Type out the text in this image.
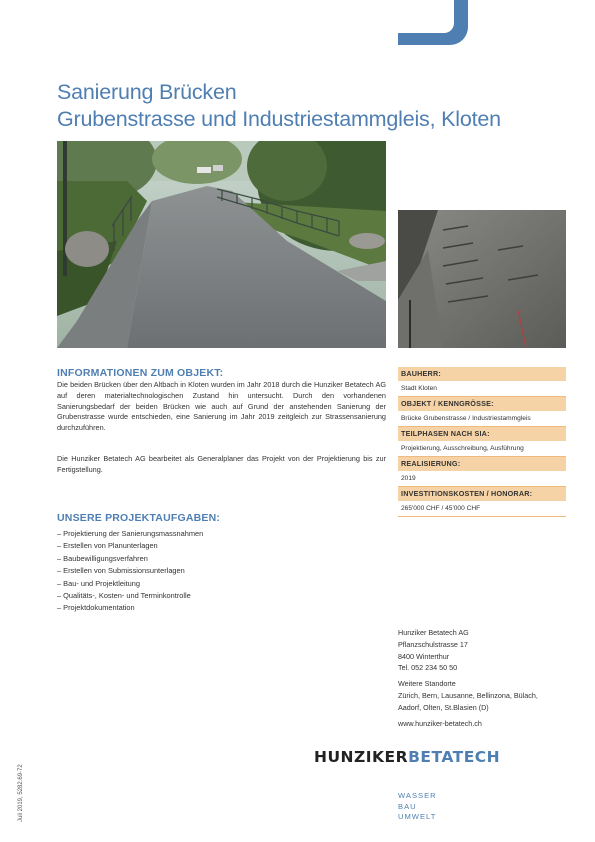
Sanierung Brücken
Grubenstrasse und Industriestammgleis, Kloten
INFORMATIONEN ZUM OBJEKT:

Die beiden Brücken über den Altbach in Kloten wurden im Jahr 2018 durch die Hunziker Betatech AG auf deren materialtechnologischen Zustand hin untersucht. Durch den vorhandenen Sanierungsbedarf der beiden Brücken wie auch auf Grund der anstehenden Sanierung der Grubenstrasse wurde entschieden, eine Sanierung im Jahr 2019 zeitgleich zur Strassensanierung durchzuführen.

Die Hunziker Betatech AG bearbeitet als Generalplaner das Projekt von der Projektierung bis zur Fertigstellung.

UNSERE PROJEKTAUFGABEN:
– Projektierung der Sanierungsmassnahmen
– Erstellen von Planunterlagen
– Baubewilligungsverfahren
– Erstellen von Submissionsunterlagen
– Bau- und Projektleitung
– Qualitäts-, Kosten- und Terminkontrolle
– Projektdokumentation
BAUHERR:
Stadt Kloten
OBJEKT / KENNGRÖSSE:
Brücke Grubenstrasse / Industriestammgleis
TEILPHASEN NACH SIA:
Projektierung, Ausschreibung, Ausführung
REALISIERUNG:
2019
INVESTITIONSKOSTEN / HONORAR:
265'000 CHF / 45'000 CHF
Hunziker Betatech AG
Pflanzschulstrasse 17
8400 Winterthur
Tel. 052 234 50 50
Weitere Standorte
Zürich, Bern, Lausanne, Bellinzona, Bülach,
Aadorf, Olten, St.Blasien (D)
www.hunziker-betatech.ch
HUNZIKERBETATECH
WASSER
BAU
UMWELT
Juli 2019, 5282.69-72
